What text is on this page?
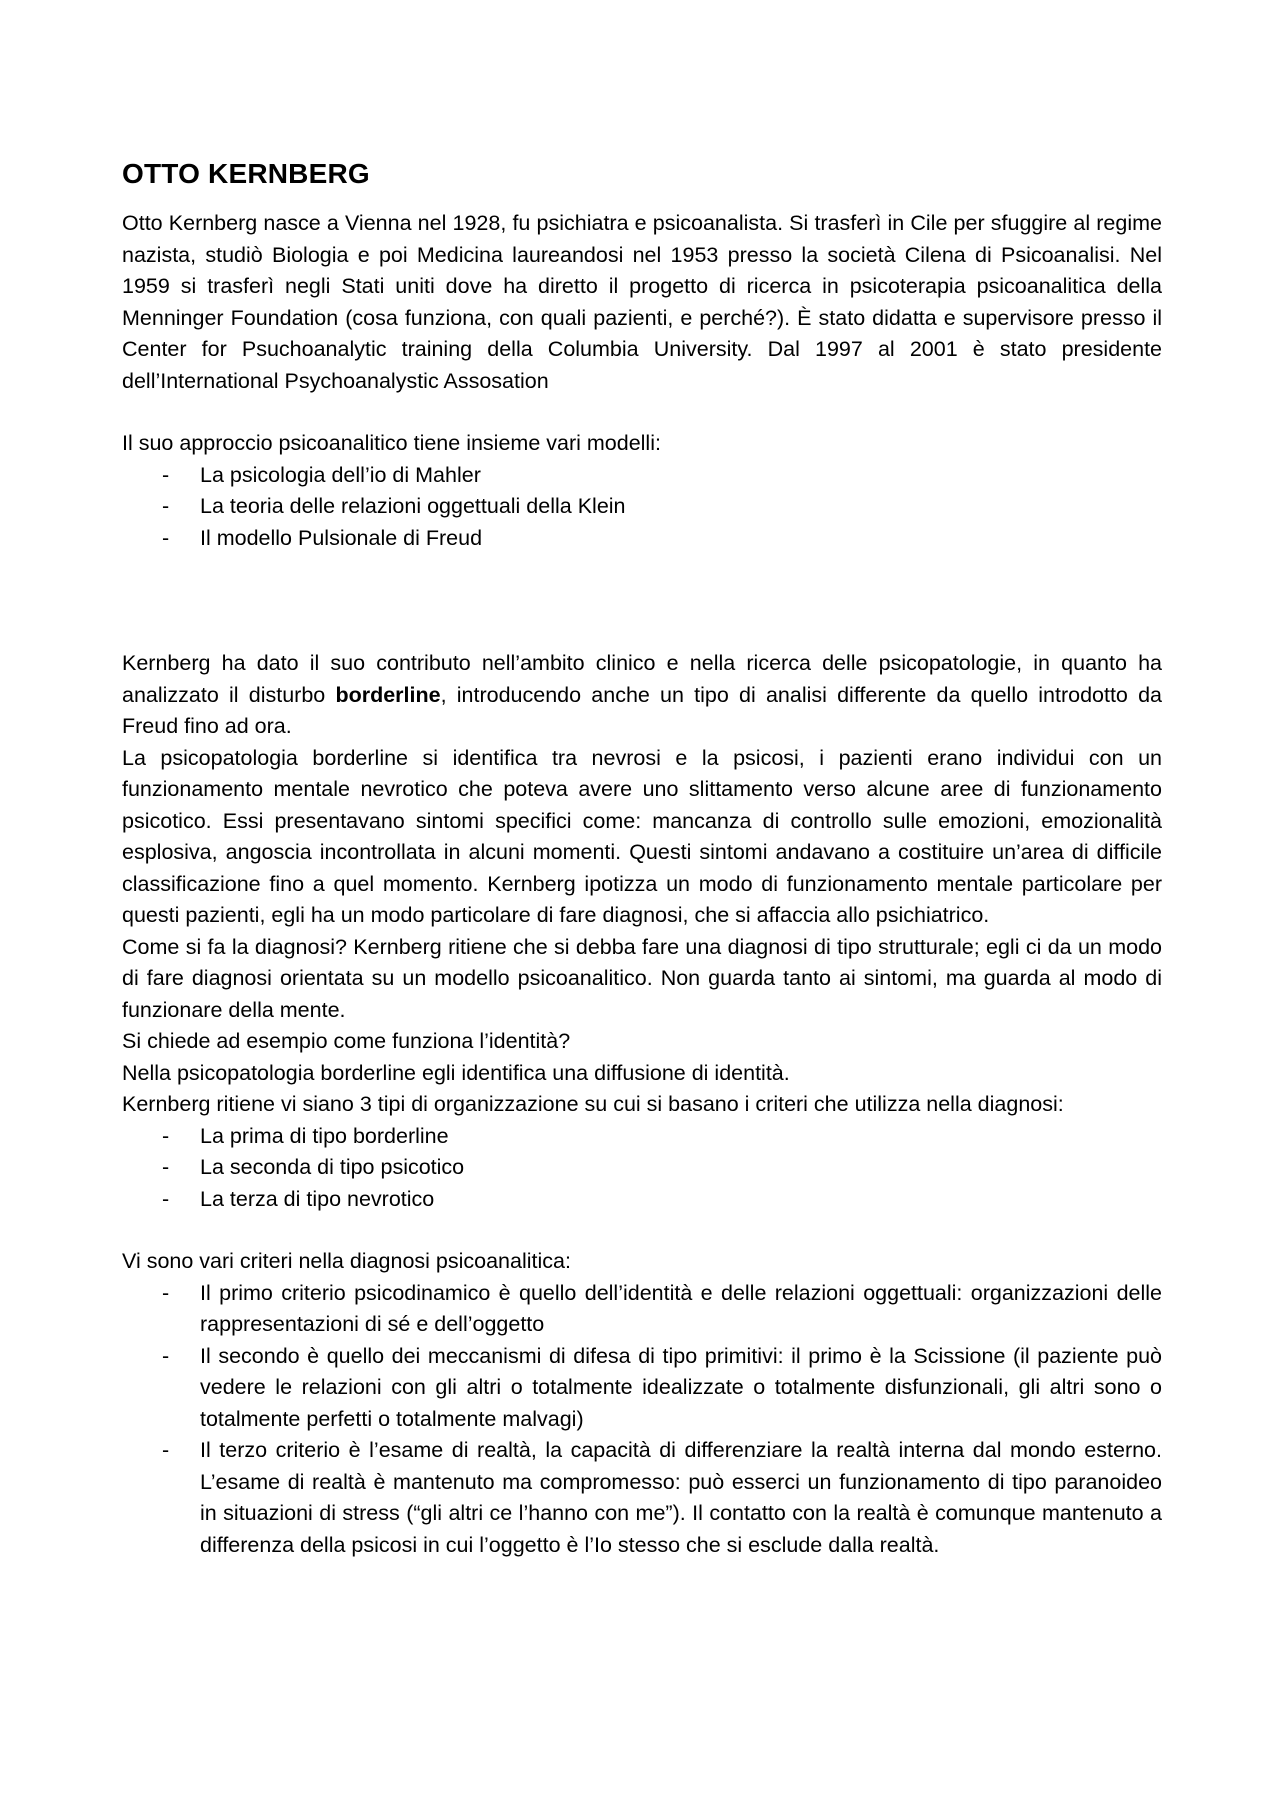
OTTO KERNBERG

Otto Kernberg nasce a Vienna nel 1928, fu psichiatra e psicoanalista. Si trasferì in Cile per sfuggire al regime nazista, studiò Biologia e poi Medicina laureandosi nel 1953 presso la società Cilena di Psicoanalisi. Nel 1959 si trasferì negli Stati uniti dove ha diretto il progetto di ricerca in psicoterapia psicoanalitica della Menninger Foundation (cosa funziona, con quali pazienti, e perché?). È stato didatta e supervisore presso il Center for Psuchoanalytic training della Columbia University. Dal 1997 al 2001 è stato presidente dell’International Psychoanalystic Assosation

Il suo approccio psicoanalitico tiene insieme vari modelli:

- La psicologia dell’io di Mahler
- La teoria delle relazioni oggettuali della Klein
- Il modello Pulsionale di Freud

Kernberg ha dato il suo contributo nell’ambito clinico e nella ricerca delle psicopatologie, in quanto ha analizzato il disturbo borderline, introducendo anche un tipo di analisi differente da quello introdotto da Freud fino ad ora.

La psicopatologia borderline si identifica tra nevrosi e la psicosi, i pazienti erano individui con un funzionamento mentale nevrotico che poteva avere uno slittamento verso alcune aree di funzionamento psicotico. Essi presentavano sintomi specifici come: mancanza di controllo sulle emozioni, emozionalità esplosiva, angoscia incontrollata in alcuni momenti. Questi sintomi andavano a costituire un’area di difficile classificazione fino a quel momento. Kernberg ipotizza un modo di funzionamento mentale particolare per questi pazienti, egli ha un modo particolare di fare diagnosi, che si affaccia allo psichiatrico.

Come si fa la diagnosi? Kernberg ritiene che si debba fare una diagnosi di tipo strutturale; egli ci da un modo di fare diagnosi orientata su un modello psicoanalitico. Non guarda tanto ai sintomi, ma guarda al modo di funzionare della mente.

Si chiede ad esempio come funziona l’identità?

Nella psicopatologia borderline egli identifica una diffusione di identità.

Kernberg ritiene vi siano 3 tipi di organizzazione su cui si basano i criteri che utilizza nella diagnosi:

- La prima di tipo borderline
- La seconda di tipo psicotico
- La terza di tipo nevrotico

Vi sono vari criteri nella diagnosi psicoanalitica:

- Il primo criterio psicodinamico è quello dell’identità e delle relazioni oggettuali: organizzazioni delle rappresentazioni di sé e dell’oggetto
- Il secondo è quello dei meccanismi di difesa di tipo primitivi: il primo è la Scissione (il paziente può vedere le relazioni con gli altri o totalmente idealizzate o totalmente disfunzionali, gli altri sono o totalmente perfetti o totalmente malvagi)
- Il terzo criterio è l’esame di realtà, la capacità di differenziare la realtà interna dal mondo esterno. L’esame di realtà è mantenuto ma compromesso: può esserci un funzionamento di tipo paranoideo in situazioni di stress (“gli altri ce l’hanno con me”). Il contatto con la realtà è comunque mantenuto a differenza della psicosi in cui l’oggetto è l’Io stesso che si esclude dalla realtà.
